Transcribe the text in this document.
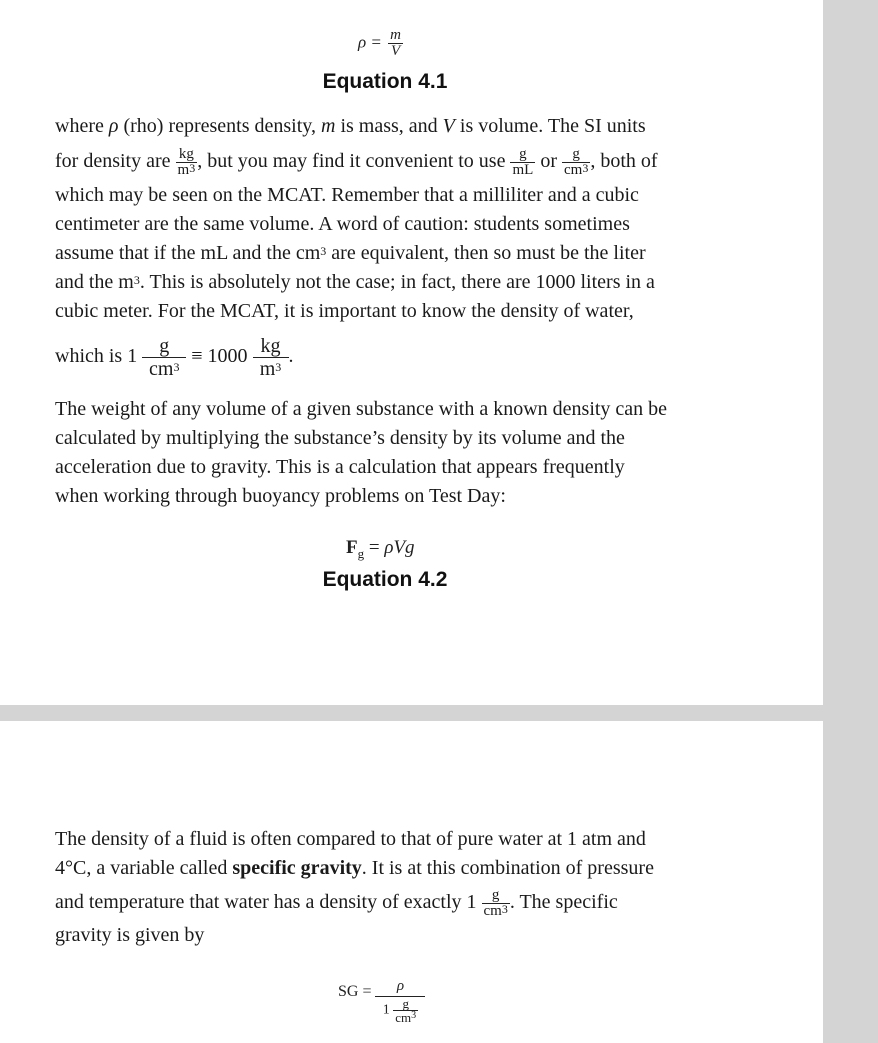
$\rho = \frac{m}{V}$
Equation 4.1
where ρ (rho) represents density, m is mass, and V is volume. The SI units
for density are $\frac{kg}{m^3}$ , but you may find it convenient to use $\frac{g}{mL}$ or $\frac{g}{cm^3}$ , both of
which may be seen on the MCAT. Remember that a milliliter and a cubic
centimeter are the same volume. A word of caution: students sometimes
assume that if the mL and the $cm^3$ are equivalent, then so must be the liter
and the $m^3$. This is absolutely not the case; in fact, there are 1000 liters in a
cubic meter. For the MCAT, it is important to know the density of water,
which is $1 \frac{g}{cm^3} \equiv 1000 \frac{kg}{m^3}$ .
The weight of any volume of a given substance with a known density can be
calculated by multiplying the substance’s density by its volume and the
acceleration due to gravity. This is a calculation that appears frequently
when working through buoyancy problems on Test Day:
$F_g = \rho Vg$
Equation 4.2
The density of a fluid is often compared to that of pure water at 1 atm and
4°C, a variable called specific gravity. It is at this combination of pressure
and temperature that water has a density of exactly $1 \frac{g}{cm^3}$ . The specific
gravity is given by
SG = $\frac{\rho}{1 \frac{g}{cm^3}}$
